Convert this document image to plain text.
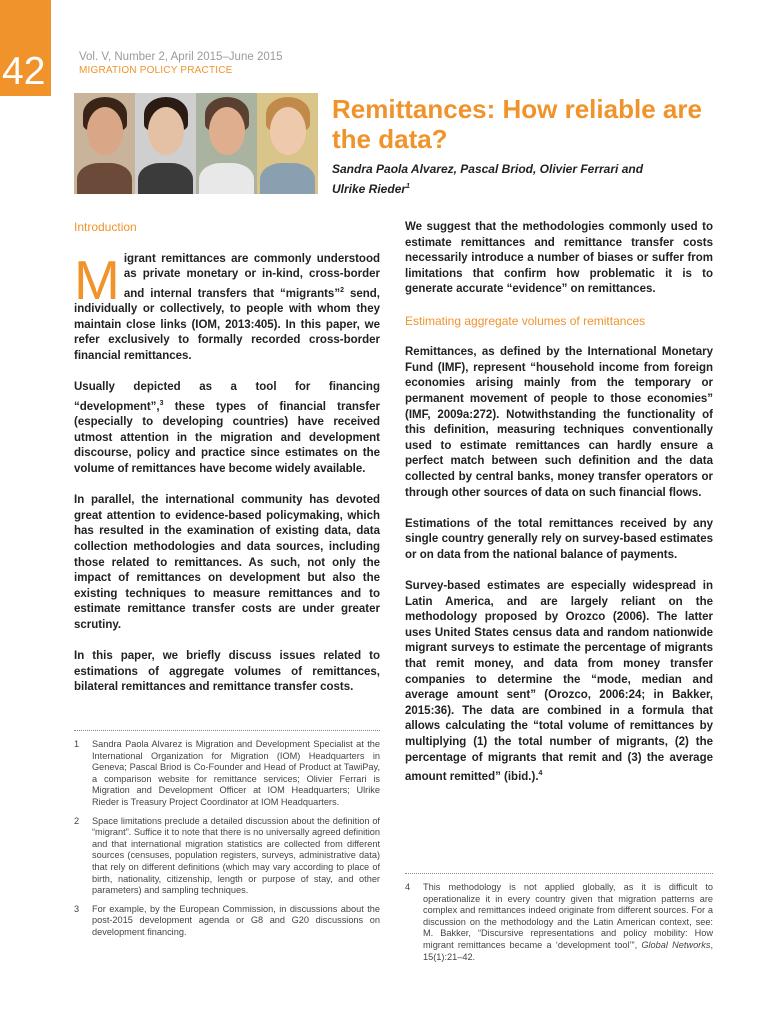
42	Vol. V, Number 2, April 2015–June 2015
MIGRATION POLICY PRACTICE
Remittances: How reliable are the data?
Sandra Paola Alvarez, Pascal Briod, Olivier Ferrari and Ulrike Rieder$^1$
Introduction

Migrant remittances are commonly understood as private monetary or in-kind, cross-border and internal transfers that “migrants”$^2$ send, individually or collectively, to people with whom they maintain close links (IOM, 2013:405). In this paper, we refer exclusively to formally recorded cross-border financial remittances.

Usually depicted as a tool for financing “development”,$^3$ these types of financial transfer (especially to developing countries) have received utmost attention in the migration and development discourse, policy and practice since estimates on the volume of remittances have become widely available.

In parallel, the international community has devoted great attention to evidence-based policymaking, which has resulted in the examination of existing data, data collection methodologies and data sources, including those related to remittances. As such, not only the impact of remittances on development but also the existing techniques to measure remittances and to estimate remittance transfer costs are under greater scrutiny.

In this paper, we briefly discuss issues related to estimations of aggregate volumes of remittances, bilateral remittances and remittance transfer costs.

We suggest that the methodologies commonly used to estimate remittances and remittance transfer costs necessarily introduce a number of biases or suffer from limitations that confirm how problematic it is to generate accurate “evidence” on remittances.

Estimating aggregate volumes of remittances

Remittances, as defined by the International Monetary Fund (IMF), represent “household income from foreign economies arising mainly from the temporary or permanent movement of people to those economies” (IMF, 2009a:272). Notwithstanding the functionality of this definition, measuring techniques conventionally used to estimate remittances can hardly ensure a perfect match between such definition and the data collected by central banks, money transfer operators or through other sources of data on such financial flows.

Estimations of the total remittances received by any single country generally rely on survey-based estimates or on data from the national balance of payments.

Survey-based estimates are especially widespread in Latin America, and are largely reliant on the methodology proposed by Orozco (2006). The latter uses United States census data and random nationwide migrant surveys to estimate the percentage of migrants that remit money, and data from money transfer companies to determine the “mode, median and average amount sent” (Orozco, 2006:24; in Bakker, 2015:36). The data are combined in a formula that allows calculating the “total volume of remittances by multiplying (1) the total number of migrants, (2) the percentage of migrants that remit and (3) the average amount remitted” (ibid.).$^4$

1 Sandra Paola Alvarez is Migration and Development Specialist at the International Organization for Migration (IOM) Headquarters in Geneva; Pascal Briod is Co-Founder and Head of Product at TawiPay, a comparison website for remittance services; Olivier Ferrari is Migration and Development Officer at IOM Headquarters; Ulrike Rieder is Treasury Project Coordinator at IOM Headquarters.
2 Space limitations preclude a detailed discussion about the definition of “migrant”. Suffice it to note that there is no universally agreed definition and that international migration statistics are collected from different sources (censuses, population registers, surveys, administrative data) that rely on different definitions (which may vary according to place of birth, nationality, citizenship, length or purpose of stay, and other parameters) and sampling techniques.
3 For example, by the European Commission, in discussions about the post-2015 development agenda or G8 and G20 discussions on development financing.
4 This methodology is not applied globally, as it is difficult to operationalize it in every country given that migration patterns are complex and remittances indeed originate from different sources. For a discussion on the methodology and the Latin American context, see: M. Bakker, “Discursive representations and policy mobility: How migrant remittances became a ‘development tool’”, Global Networks, 15(1):21–42.
